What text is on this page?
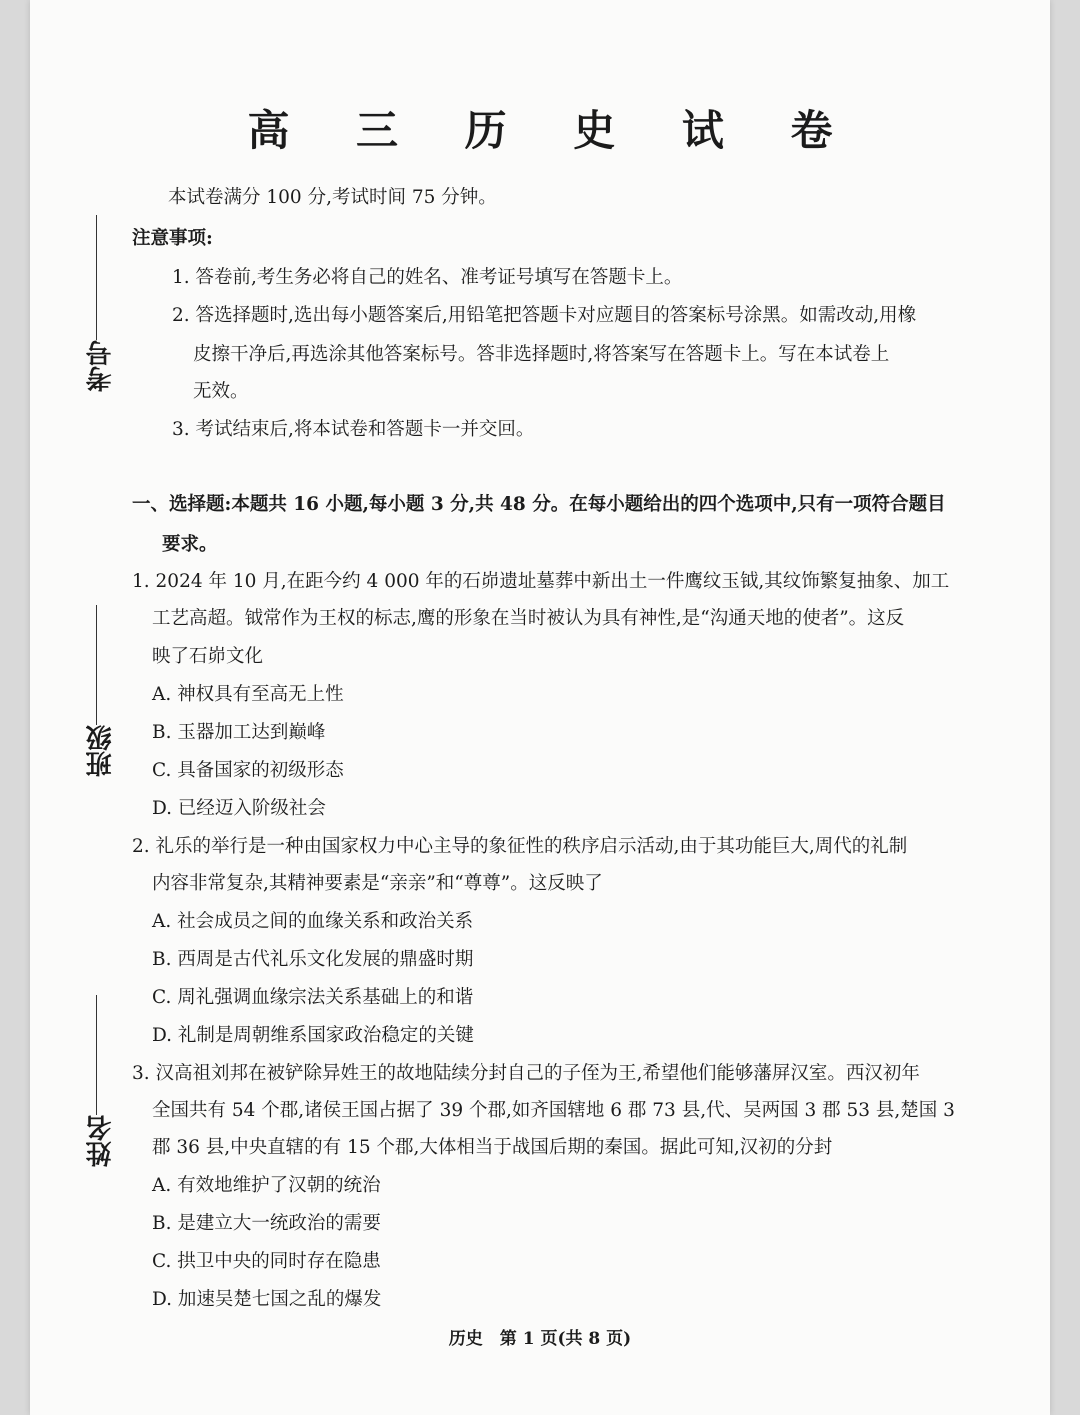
考号
班级
姓名
高 三 历 史 试 卷
本试卷满分 100 分,考试时间 75 分钟。
注意事项:
1. 答卷前,考生务必将自己的姓名、准考证号填写在答题卡上。
2. 答选择题时,选出每小题答案后,用铅笔把答题卡对应题目的答案标号涂黑。如需改动,用橡
皮擦干净后,再选涂其他答案标号。答非选择题时,将答案写在答题卡上。写在本试卷上
无效。
3. 考试结束后,将本试卷和答题卡一并交回。
一、选择题:本题共 16 小题,每小题 3 分,共 48 分。在每小题给出的四个选项中,只有一项符合题目
要求。
1. 2024 年 10 月,在距今约 4 000 年的石峁遗址墓葬中新出土一件鹰纹玉钺,其纹饰繁复抽象、加工
工艺高超。钺常作为王权的标志,鹰的形象在当时被认为具有神性,是“沟通天地的使者”。这反
映了石峁文化
A. 神权具有至高无上性
B. 玉器加工达到巅峰
C. 具备国家的初级形态
D. 已经迈入阶级社会
2. 礼乐的举行是一种由国家权力中心主导的象征性的秩序启示活动,由于其功能巨大,周代的礼制
内容非常复杂,其精神要素是“亲亲”和“尊尊”。这反映了
A. 社会成员之间的血缘关系和政治关系
B. 西周是古代礼乐文化发展的鼎盛时期
C. 周礼强调血缘宗法关系基础上的和谐
D. 礼制是周朝维系国家政治稳定的关键
3. 汉高祖刘邦在被铲除异姓王的故地陆续分封自己的子侄为王,希望他们能够藩屏汉室。西汉初年
全国共有 54 个郡,诸侯王国占据了 39 个郡,如齐国辖地 6 郡 73 县,代、吴两国 3 郡 53 县,楚国 3
郡 36 县,中央直辖的有 15 个郡,大体相当于战国后期的秦国。据此可知,汉初的分封
A. 有效地维护了汉朝的统治
B. 是建立大一统政治的需要
C. 拱卫中央的同时存在隐患
D. 加速吴楚七国之乱的爆发
历史　第 1 页(共 8 页)
